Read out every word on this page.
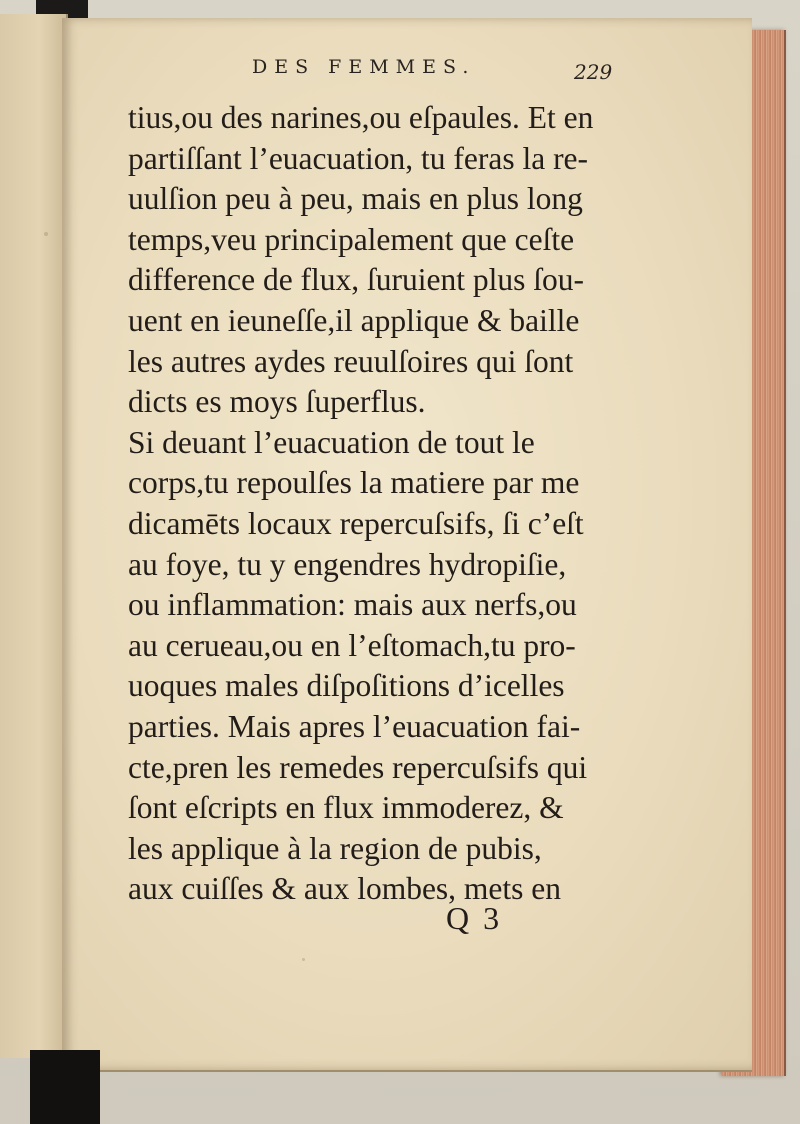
DES FEMMES.	229
tius,ou des narines,ou eſpaules. Et en
partiſſant l’euacuation, tu feras la re-
uulſion peu à peu, mais en plus long
temps,veu principalement que ceſte
difference de flux, ſuruient plus ſou-
uent en ieuneſſe,il applique & baille
les autres aydes reuulſoires qui ſont
dicts es moys ſuperflus.
Si deuant l’euacuation de tout le
corps,tu repoulſes la matiere par me
dicamēts locaux repercuſsifs, ſi c’eſt
au foye, tu y engendres hydropiſie,
ou inflammation: mais aux nerfs,ou
au cerueau,ou en l’eſtomach,tu pro-
uoques males diſpoſitions d’icelles
parties. Mais apres l’euacuation fai-
cte,pren les remedes repercuſsifs qui
ſont eſcripts en flux immoderez, &
les applique à la region de pubis,
aux cuiſſes & aux lombes, mets en
Q 3
